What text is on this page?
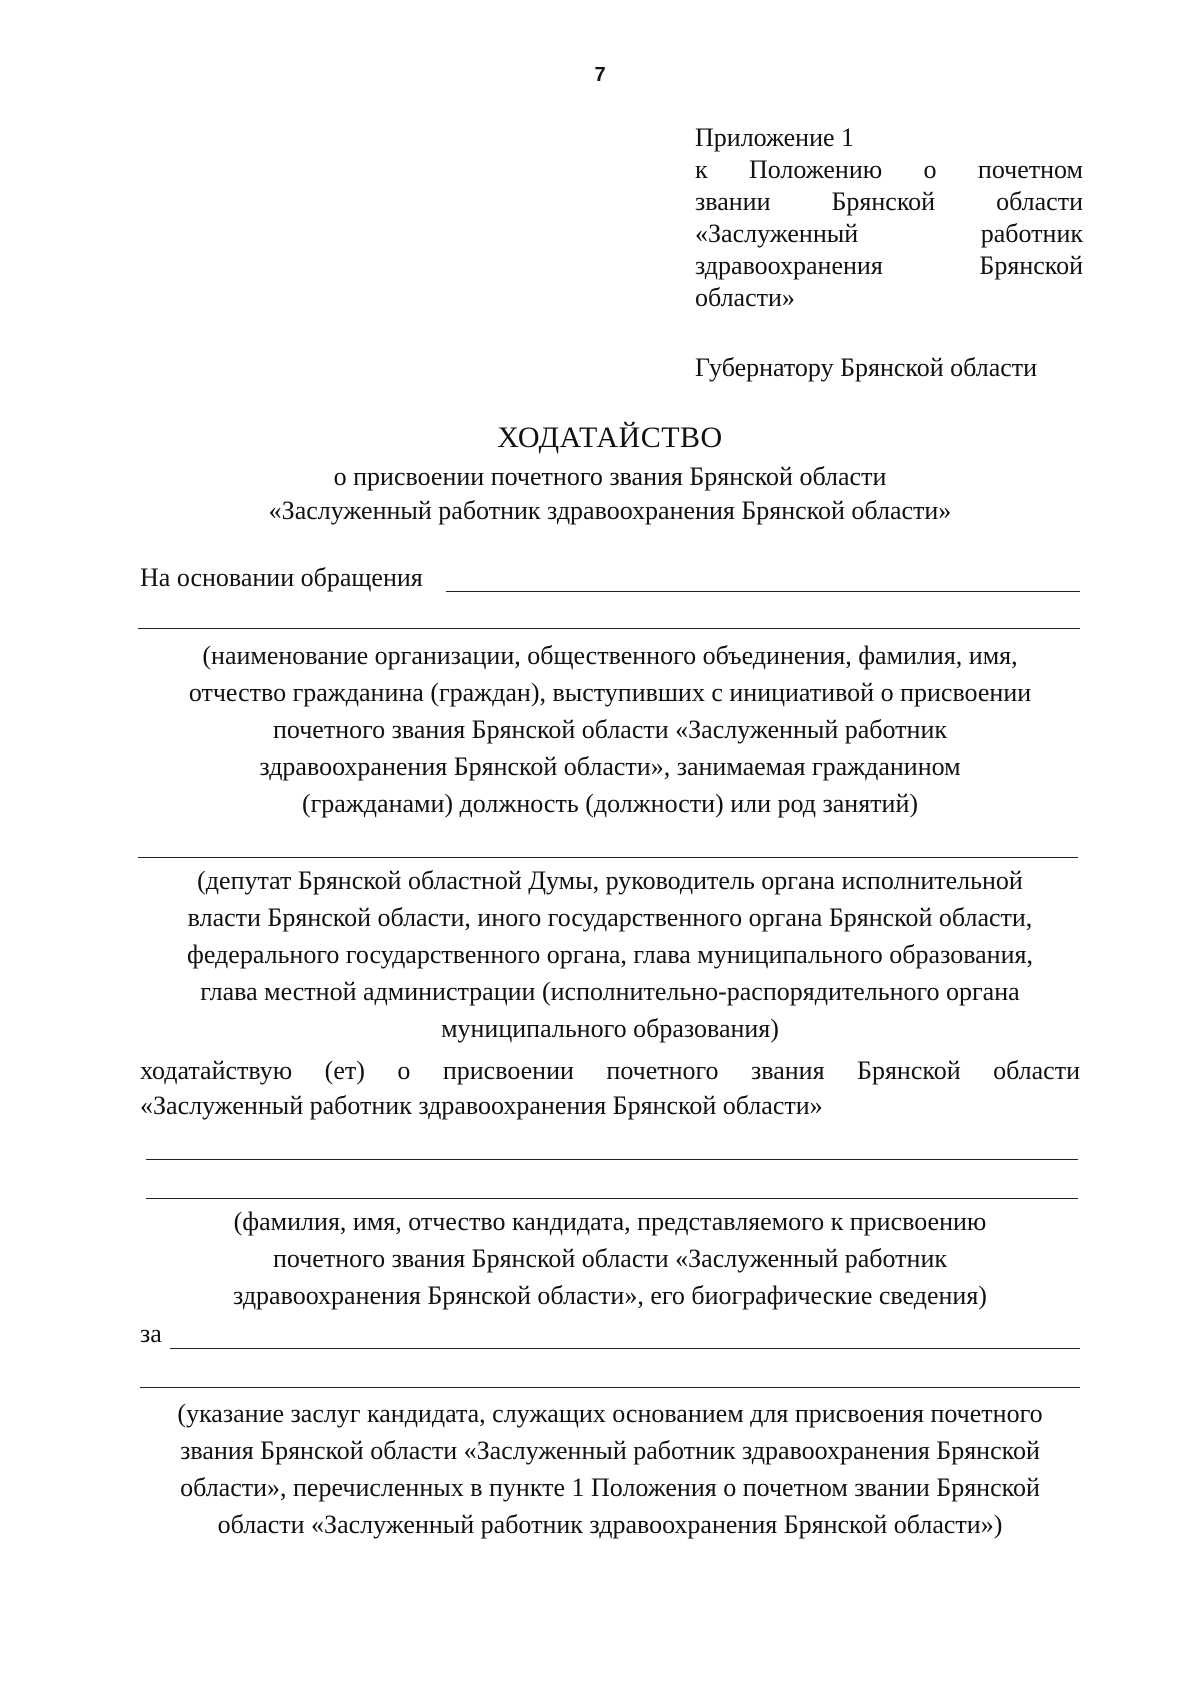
7
Приложение 1
к Положению о почетном
звании Брянской области
«Заслуженный работник
здравоохранения Брянской
области»
Губернатору Брянской области
ХОДАТАЙСТВО
о присвоении почетного звания Брянской области
«Заслуженный работник здравоохранения Брянской области»
На основании обращения
(наименование организации, общественного объединения, фамилия, имя,
отчество гражданина (граждан), выступивших с инициативой о присвоении
почетного звания Брянской области «Заслуженный работник
здравоохранения Брянской области», занимаемая гражданином
(гражданами) должность (должности) или род занятий)
(депутат Брянской областной Думы, руководитель органа исполнительной
власти Брянской области, иного государственного органа Брянской области,
федерального государственного органа, глава муниципального образования,
глава местной администрации (исполнительно-распорядительного органа
муниципального образования)
ходатайствую (ет) о присвоении почетного звания Брянской области
«Заслуженный работник здравоохранения Брянской области»
(фамилия, имя, отчество кандидата, представляемого к присвоению
почетного звания Брянской области «Заслуженный работник
здравоохранения Брянской области», его биографические сведения)
за
(указание заслуг кандидата, служащих основанием для присвоения почетного
звания Брянской области «Заслуженный работник здравоохранения Брянской
области», перечисленных в пункте 1 Положения о почетном звании Брянской
области «Заслуженный работник здравоохранения Брянской области»)
